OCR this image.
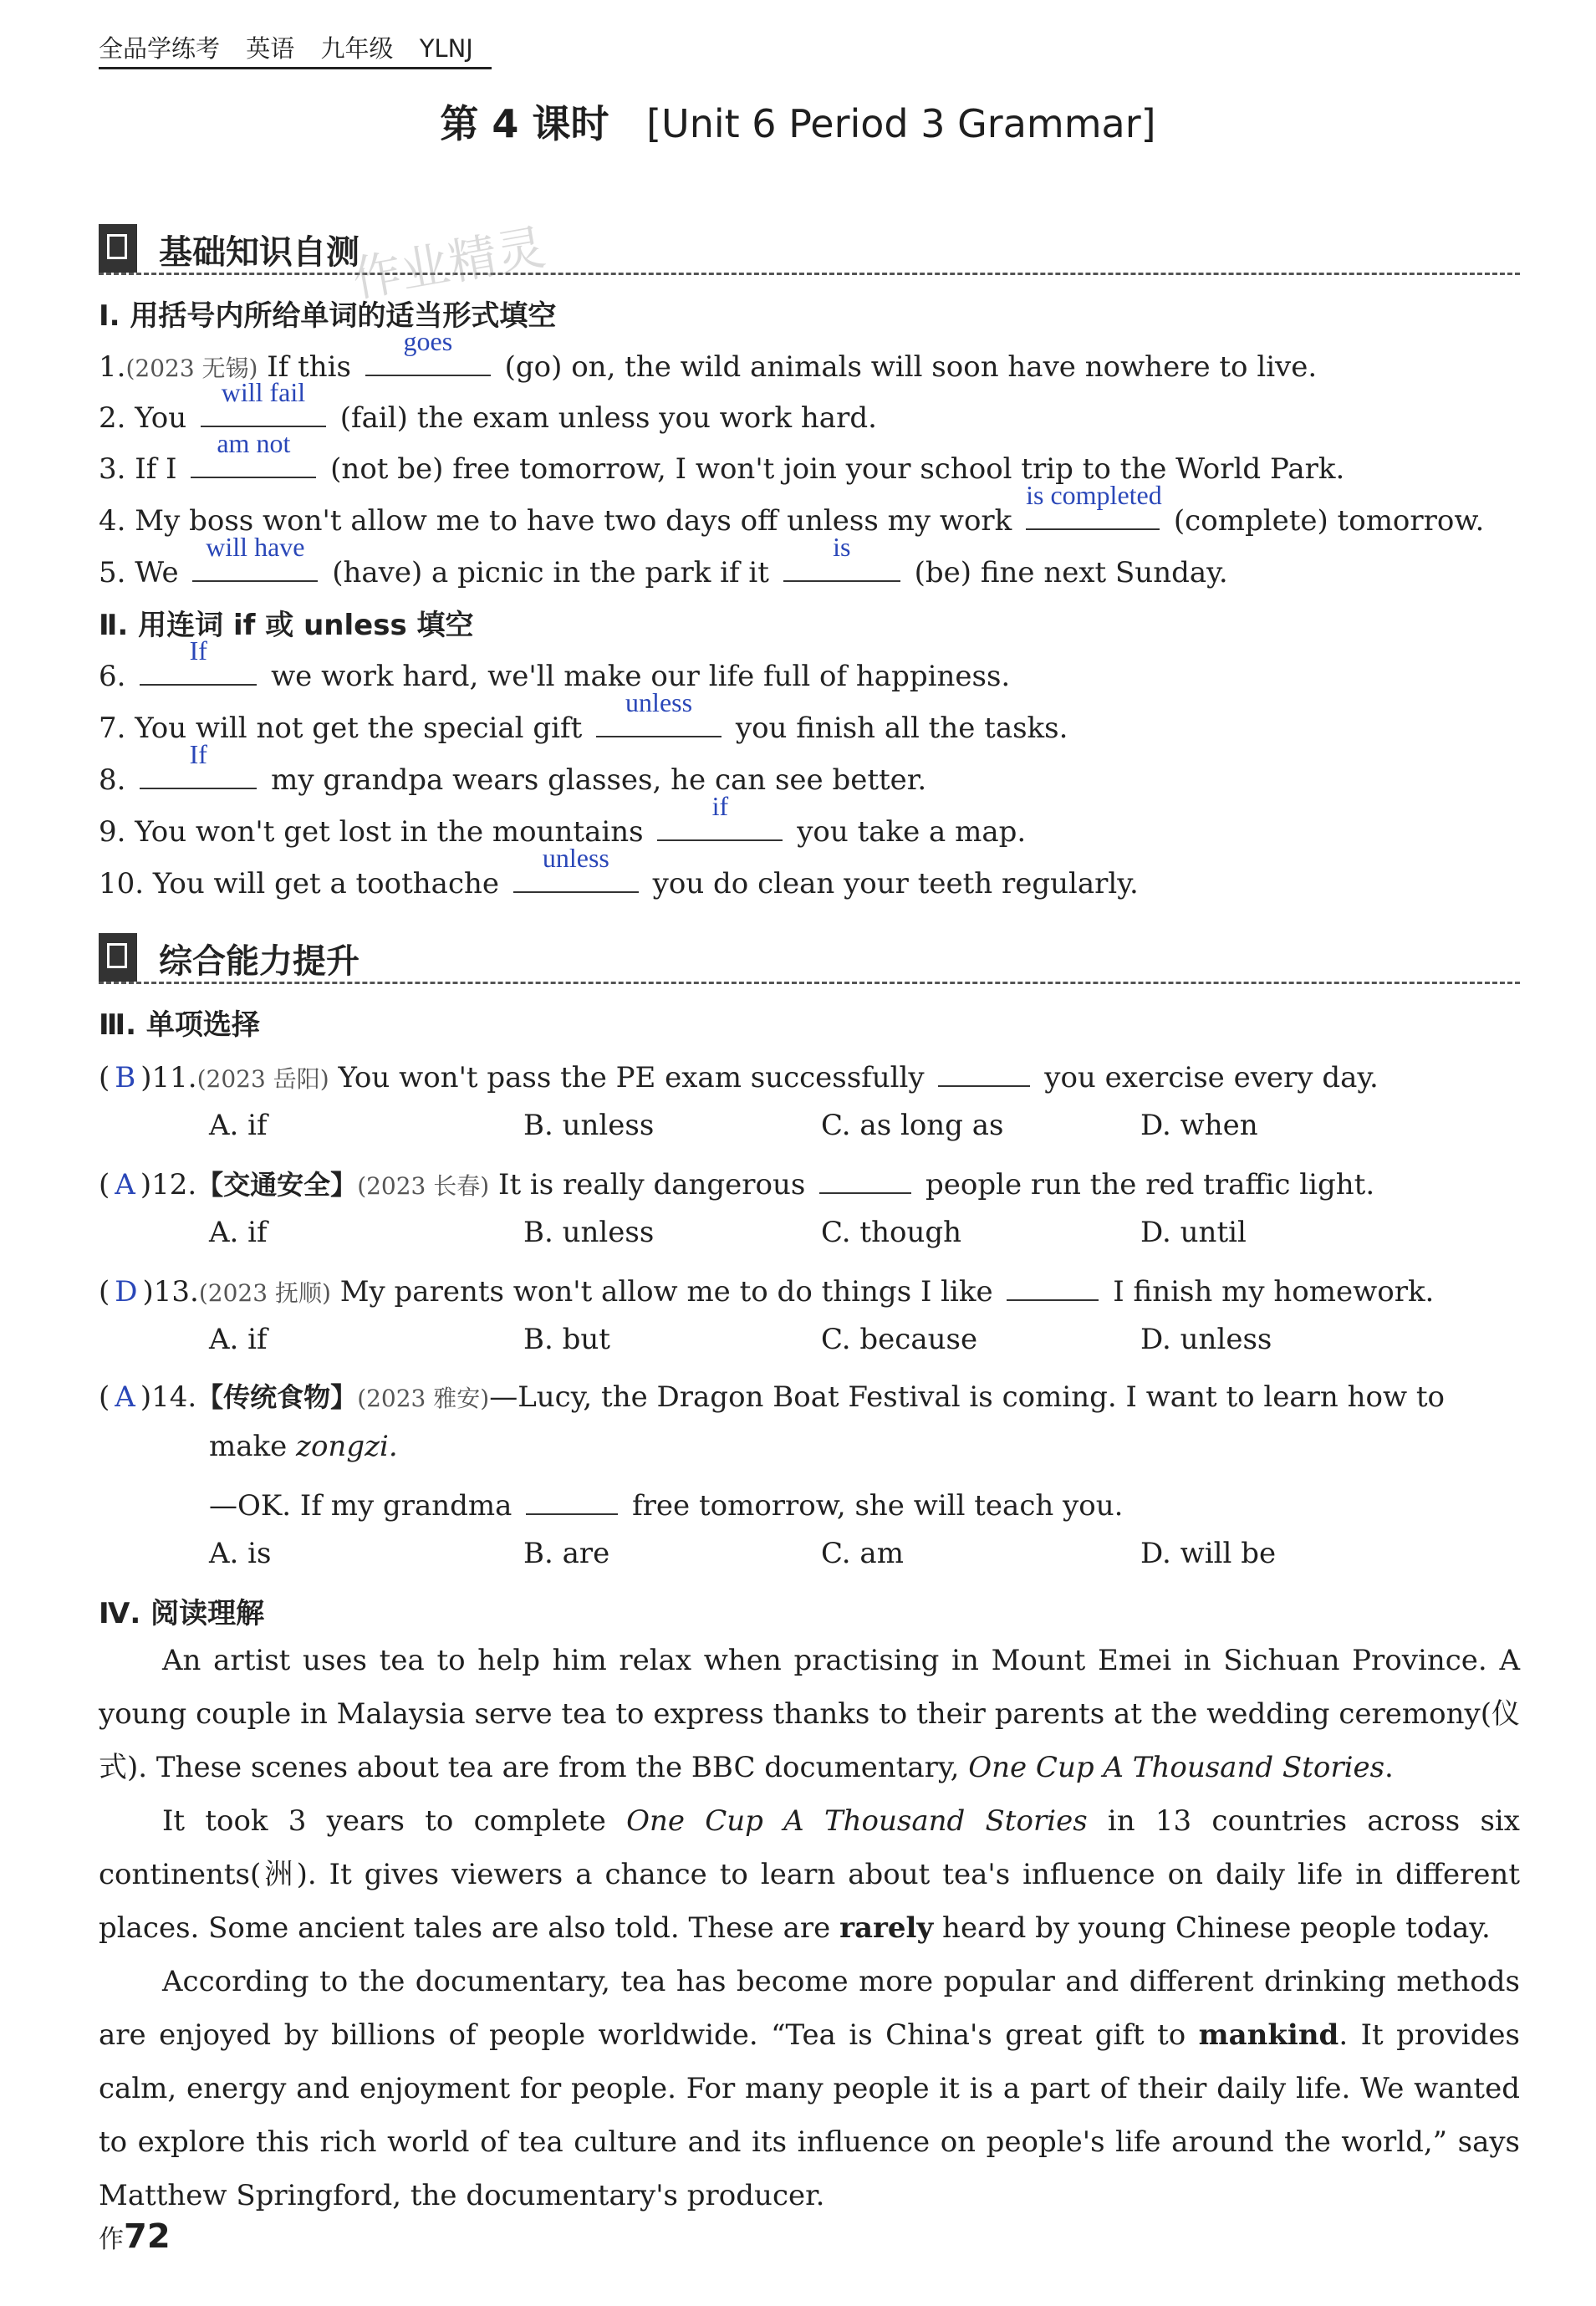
全品学练考 英语 九年级 YLNJ
第 4 课时 [Unit 6 Period 3 Grammar]
基础知识自测
作业精灵
Ⅰ. 用括号内所给单词的适当形式填空
1.(2023 无锡) If this
goes
(go) on, the wild animals will soon have nowhere to live.
2. You
will fail
(fail) the exam unless you work hard.
3. If I
am not
(not be) free tomorrow, I won't join your school trip to the World Park.
4. My boss won't allow me to have two days off unless my work
is completed
(complete) tomorrow.
5. We
will have
(have) a picnic in the park if it
is
(be) fine next Sunday.
Ⅱ. 用连词 if 或 unless 填空
6.
If
we work hard, we'll make our life full of happiness.
7. You will not get the special gift
unless
you finish all the tasks.
8.
If
my grandpa wears glasses, he can see better.
9. You won't get lost in the mountains
if
you take a map.
10. You will get a toothache
unless
you do clean your teeth regularly.
综合能力提升
Ⅲ. 单项选择
( B )11.(2023 岳阳) You won't pass the PE exam successfully	you exercise every day.
A. if	B. unless	C. as long as	D. when
( A )12.【交通安全】(2023 长春) It is really dangerous	people run the red traffic light.
A. if	B. unless	C. though	D. until
( D )13.(2023 抚顺) My parents won't allow me to do things I like	I finish my homework.
A. if	B. but	C. because	D. unless
( A )14.【传统食物】(2023 雅安)—Lucy, the Dragon Boat Festival is coming. I want to learn how to
make zongzi.
—OK. If my grandma	free tomorrow, she will teach you.
A. is	B. are	C. am	D. will be
Ⅳ. 阅读理解

An artist uses tea to help him relax when practising in Mount Emei in Sichuan Province. A young couple in Malaysia serve tea to express thanks to their parents at the wedding ceremony(仪式). These scenes about tea are from the BBC documentary, One Cup A Thousand Stories.

It took 3 years to complete One Cup A Thousand Stories in 13 countries across six continents(洲). It gives viewers a chance to learn about tea's influence on daily life in different places. Some ancient tales are also told. These are rarely heard by young Chinese people today.

According to the documentary, tea has become more popular and different drinking methods are enjoyed by billions of people worldwide. “Tea is China's great gift to mankind. It provides calm, energy and enjoyment for people. For many people it is a part of their daily life. We wanted to explore this rich world of tea culture and its influence on people's life around the world,” says Matthew Springford, the documentary's producer.

作72
